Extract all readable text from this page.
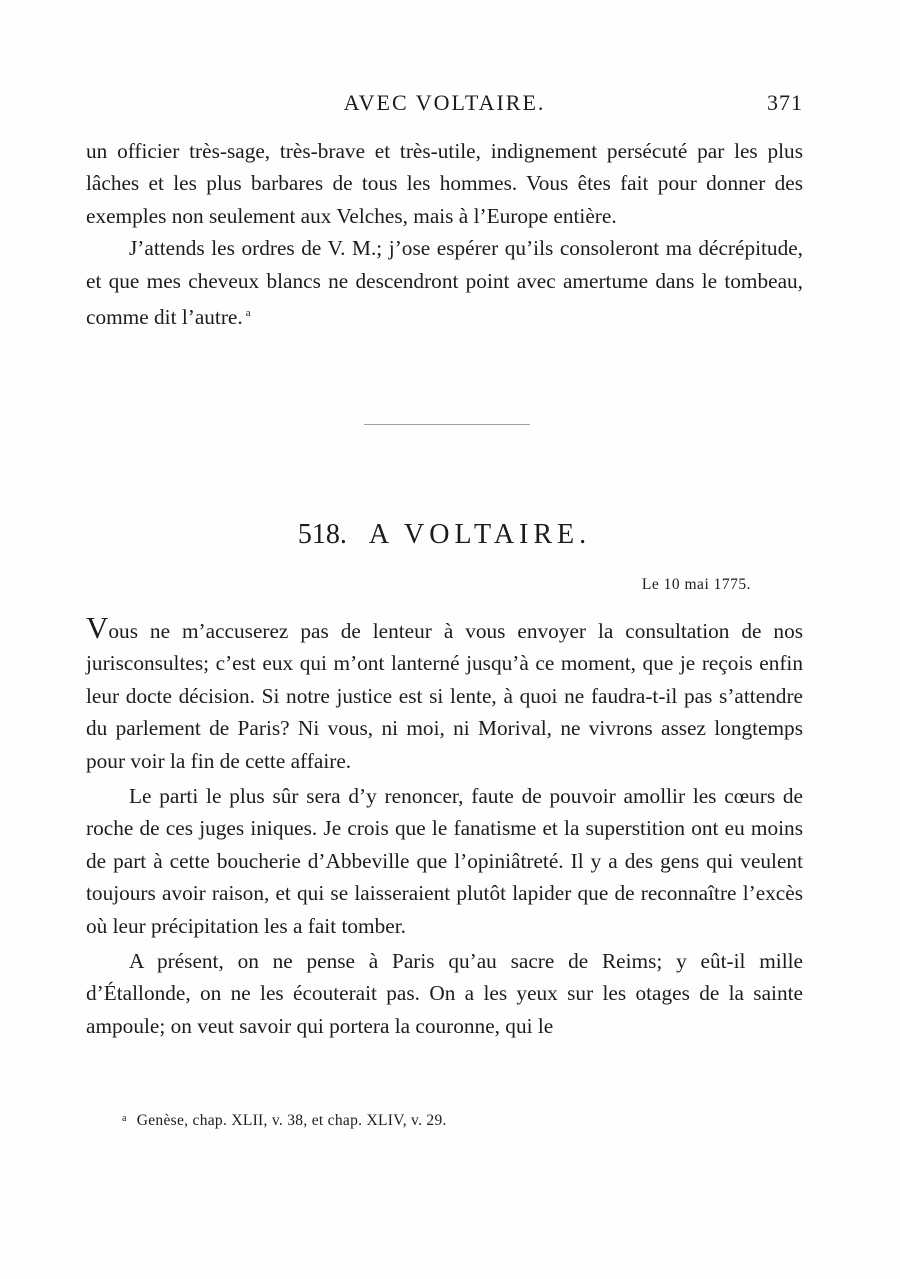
AVEC VOLTAIRE.	371

un officier très-sage, très-brave et très-utile, indignement persécuté par les plus lâches et les plus barbares de tous les hommes. Vous êtes fait pour donner des exemples non seulement aux Velches, mais à l’Europe entière.

J’attends les ordres de V. M.; j’ose espérer qu’ils consoleront ma décrépitude, et que mes cheveux blancs ne descendront point avec amertume dans le tombeau, comme dit l’autre. $^a$

518. A VOLTAIRE.
Le 10 mai 1775.

Vous ne m’accuserez pas de lenteur à vous envoyer la consultation de nos jurisconsultes; c’est eux qui m’ont lanterné jusqu’à ce moment, que je reçois enfin leur docte décision. Si notre justice est si lente, à quoi ne faudra-t-il pas s’attendre du parlement de Paris? Ni vous, ni moi, ni Morival, ne vivrons assez longtemps pour voir la fin de cette affaire.

Le parti le plus sûr sera d’y renoncer, faute de pouvoir amollir les cœurs de roche de ces juges iniques. Je crois que le fanatisme et la superstition ont eu moins de part à cette boucherie d’Abbeville que l’opiniâtreté. Il y a des gens qui veulent toujours avoir raison, et qui se laisseraient plutôt lapider que de reconnaître l’excès où leur précipitation les a fait tomber.

A présent, on ne pense à Paris qu’au sacre de Reims; y eût-il mille d’Étallonde, on ne les écouterait pas. On a les yeux sur les otages de la sainte ampoule; on veut savoir qui portera la couronne, qui le

$^a$ Genèse, chap. XLII, v. 38, et chap. XLIV, v. 29.
